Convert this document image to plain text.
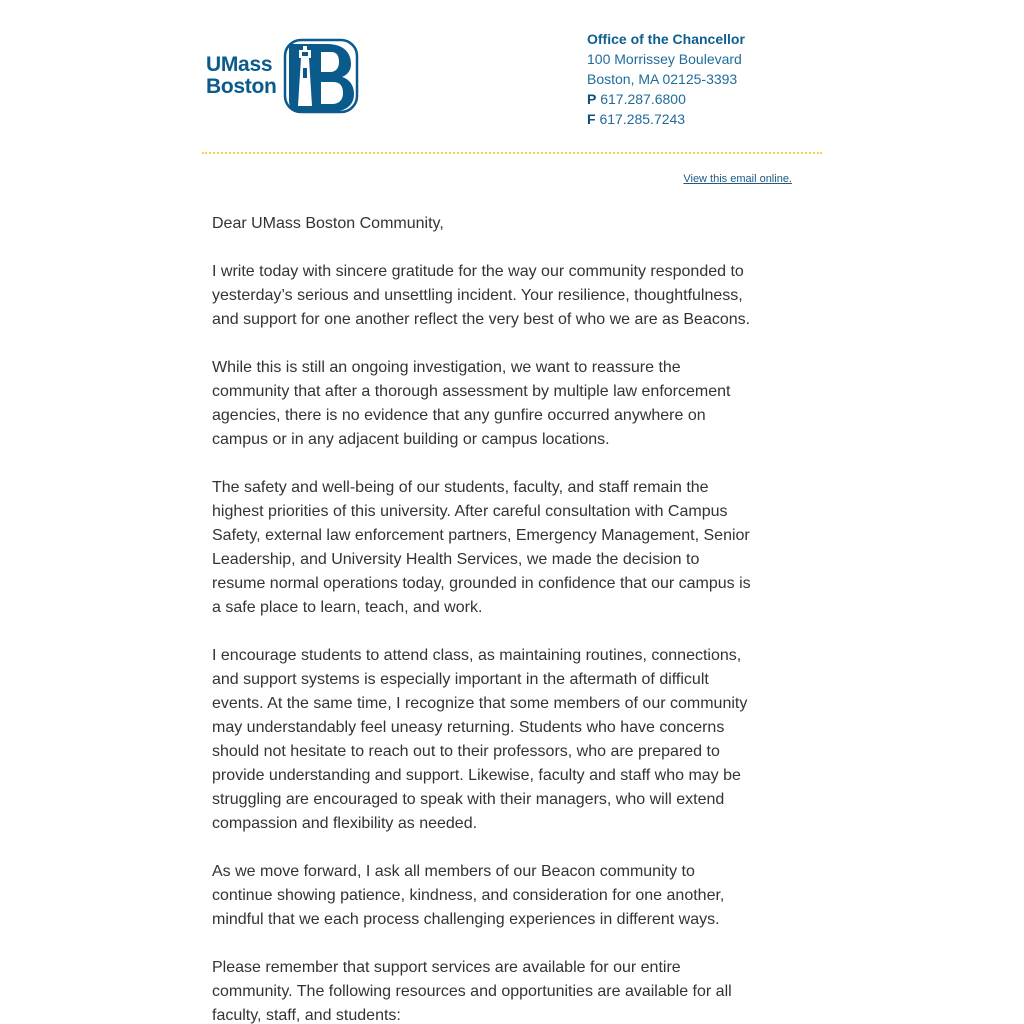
UMass
Boston
Office of the Chancellor
100 Morrissey Boulevard
Boston, MA 02125-3393
P 617.287.6800
F 617.285.7243
View this email online.

Dear UMass Boston Community,

I write today with sincere gratitude for the way our community responded to yesterday’s serious and unsettling incident. Your resilience, thoughtfulness, and support for one another reflect the very best of who we are as Beacons.

While this is still an ongoing investigation, we want to reassure the community that after a thorough assessment by multiple law enforcement agencies, there is no evidence that any gunfire occurred anywhere on campus or in any adjacent building or campus locations.

The safety and well-being of our students, faculty, and staff remain the highest priorities of this university. After careful consultation with Campus Safety, external law enforcement partners, Emergency Management, Senior Leadership, and University Health Services, we made the decision to resume normal operations today, grounded in confidence that our campus is a safe place to learn, teach, and work.

I encourage students to attend class, as maintaining routines, connections, and support systems is especially important in the aftermath of difficult events. At the same time, I recognize that some members of our community may understandably feel uneasy returning. Students who have concerns should not hesitate to reach out to their professors, who are prepared to provide understanding and support. Likewise, faculty and staff who may be struggling are encouraged to speak with their managers, who will extend compassion and flexibility as needed.

As we move forward, I ask all members of our Beacon community to continue showing patience, kindness, and consideration for one another, mindful that we each process challenging experiences in different ways.

Please remember that support services are available for our entire community. The following resources and opportunities are available for all faculty, staff, and students:
